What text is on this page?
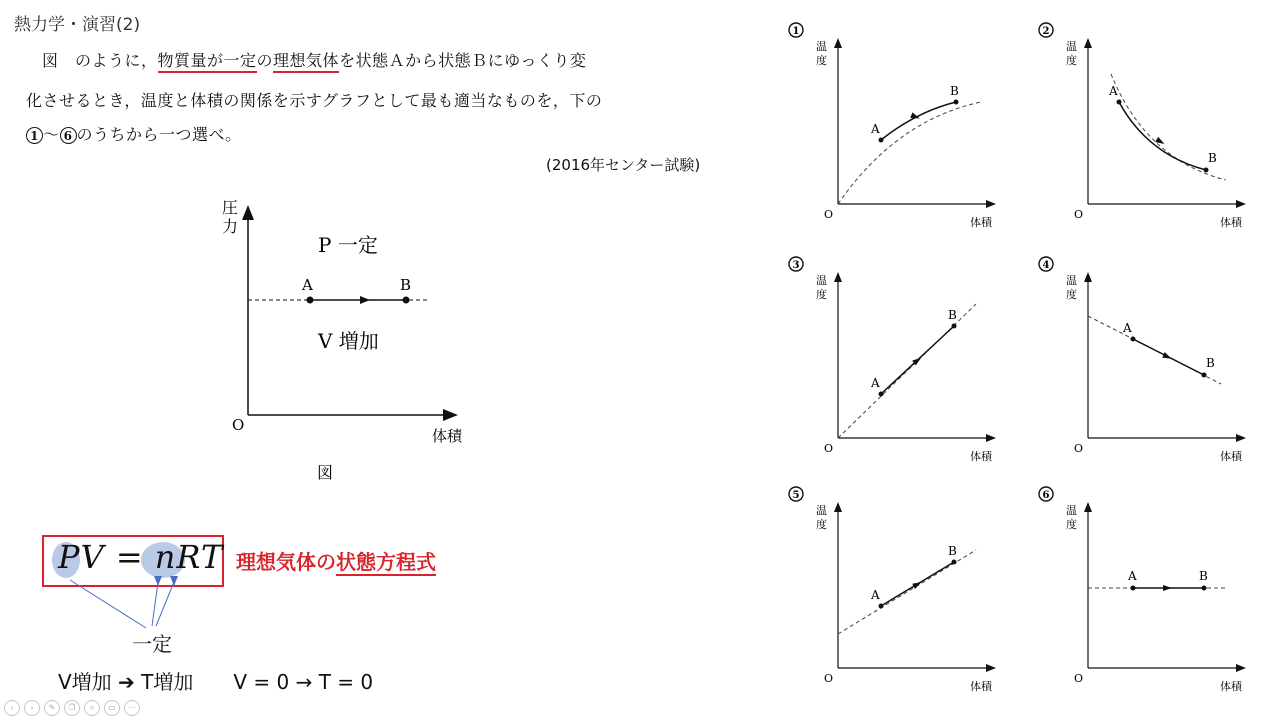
熱力学・演習(2)
図　のように，物質量が一定の理想気体を状態Ａから状態Ｂにゆっくり変
化させるとき，温度と体積の関係を示すグラフとして最も適当なものを，下の
1 ～ 6 のうちから一つ選べ。
(2016年センター試験)
A	B
圧
力
O
体積
P 一定
V 増加
図
PV = nRT 理想気体の状態方程式
一定
V増加 ➔ T増加　　V = 0 → T = 0
1
温
度
O
体積
A
B
2
温
度
O
体積
A
B
3
温
度
O
体積
A
B
4
温
度
O
体積
A
B
5
温
度
O
体積
A
B
6
温
度
O
体積
A	B
‹	›	✎	❐	⌕	▭	⋯
